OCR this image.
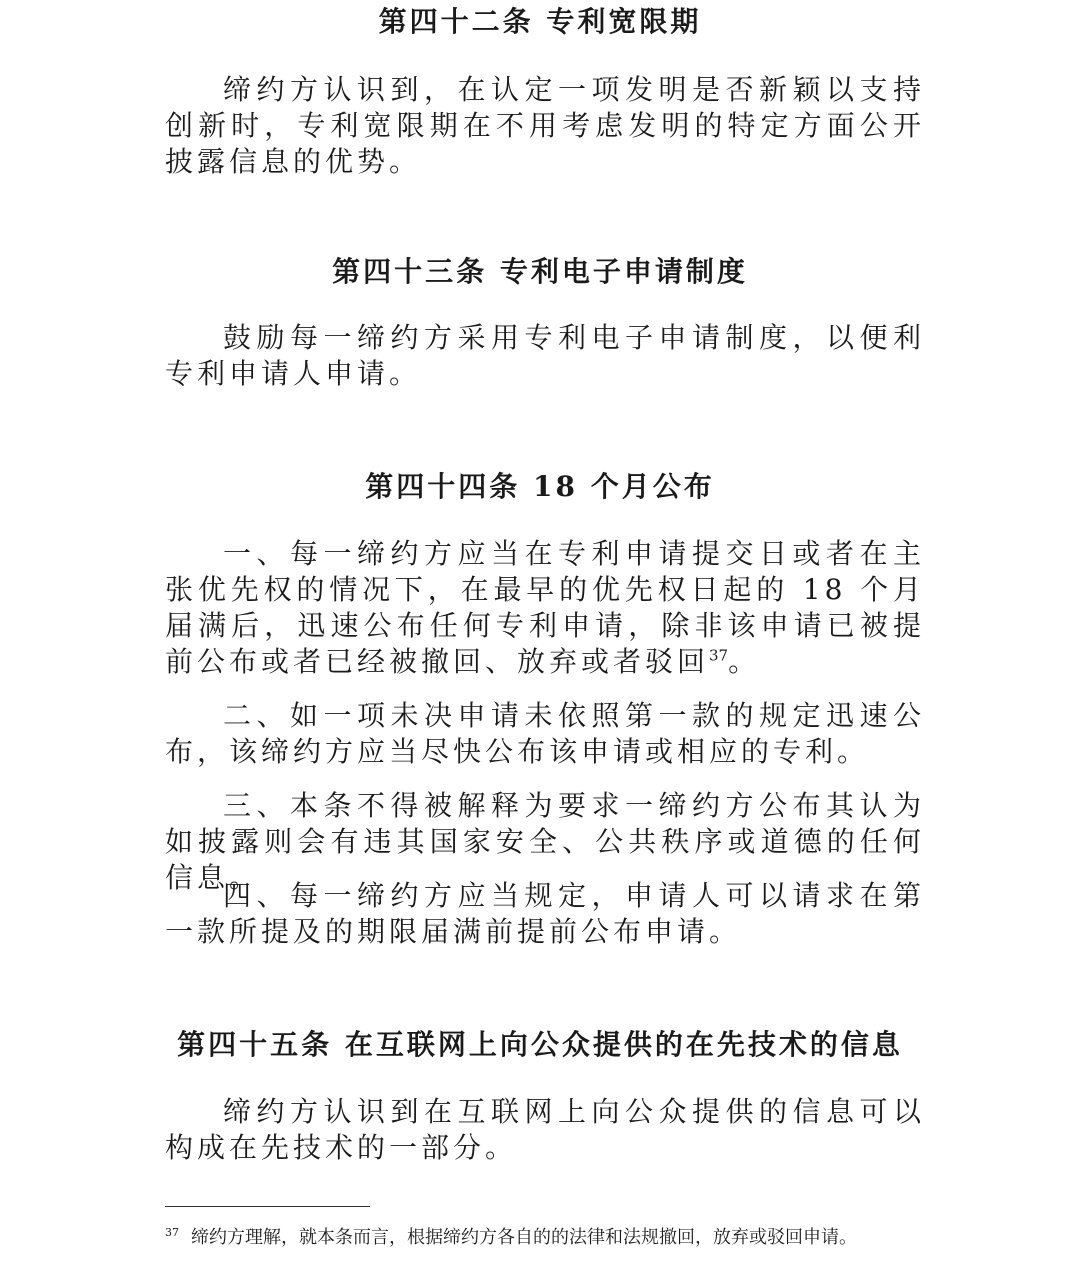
第四十二条 专利宽限期

缔约方认识到，在认定一项发明是否新颖以支持创新时，专利宽限期在不用考虑发明的特定方面公开披露信息的优势。

第四十三条 专利电子申请制度

鼓励每一缔约方采用专利电子申请制度，以便利专利申请人申请。

第四十四条 18 个月公布

一、每一缔约方应当在专利申请提交日或者在主张优先权的情况下，在最早的优先权日起的 18 个月届满后，迅速公布任何专利申请，除非该申请已被提前公布或者已经被撤回、放弃或者驳回$^{37}$。

二、如一项未决申请未依照第一款的规定迅速公布，该缔约方应当尽快公布该申请或相应的专利。

三、本条不得被解释为要求一缔约方公布其认为如披露则会有违其国家安全、公共秩序或道德的任何信息。

四、每一缔约方应当规定，申请人可以请求在第一款所提及的期限届满前提前公布申请。

第四十五条 在互联网上向公众提供的在先技术的信息

缔约方认识到在互联网上向公众提供的信息可以构成在先技术的一部分。

$^{37}$ 缔约方理解，就本条而言，根据缔约方各自的的法律和法规撤回，放弃或驳回申请。
